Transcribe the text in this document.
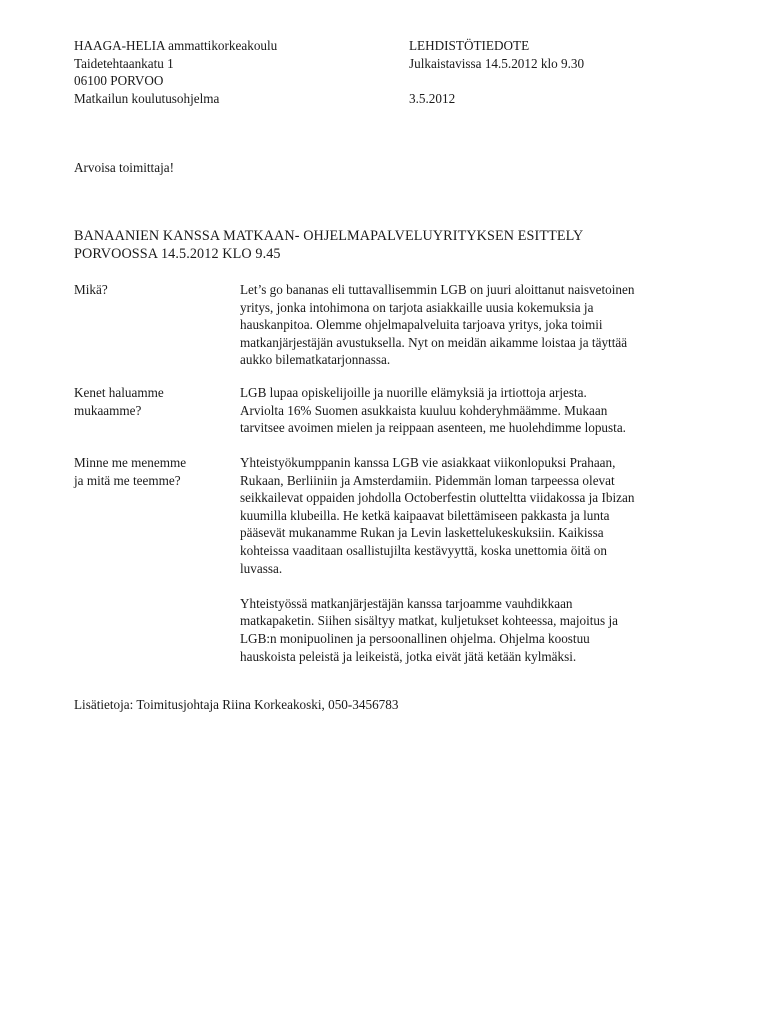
HAAGA-HELIA ammattikorkeakoulu
Taidetehtaankatu 1
06100 PORVOO
Matkailun koulutusohjelma
LEHDISTÖTIEDOTE
Julkaistavissa 14.5.2012 klo 9.30
3.5.2012
Arvoisa toimittaja!
BANAANIEN KANSSA MATKAAN- OHJELMAPALVELUYRITYKSEN ESITTELY
PORVOOSSA 14.5.2012 KLO 9.45
Mikä?	Let’s go bananas eli tuttavallisemmin LGB on juuri aloittanut naisvetoinen
yritys, jonka intohimona on tarjota asiakkaille uusia kokemuksia ja
hauskanpitoa. Olemme ohjelmapalveluita tarjoava yritys, joka toimii
matkanjärjestäjän avustuksella. Nyt on meidän aikamme loistaa ja täyttää
aukko bilematkatarjonnassa.

Kenet haluamme
mukaamme?

LGB lupaa opiskelijoille ja nuorille elämyksiä ja irtiottoja arjesta.
Arviolta 16% Suomen asukkaista kuuluu kohderyhmäämme. Mukaan
tarvitsee avoimen mielen ja reippaan asenteen, me huolehdimme lopusta.

Minne me menemme
ja mitä me teemme?

Yhteistyökumppanin kanssa LGB vie asiakkaat viikonlopuksi Prahaan,
Rukaan, Berliiniin ja Amsterdamiin. Pidemmän loman tarpeessa olevat
seikkailevat oppaiden johdolla Octoberfestin olutteltta viidakossa ja Ibizan
kuumilla klubeilla. He ketkä kaipaavat bilettämiseen pakkasta ja lunta
pääsevät mukanamme Rukan ja Levin laskettelukeskuksiin. Kaikissa
kohteissa vaaditaan osallistujilta kestävyyttä, koska unettomia öitä on
luvassa.

Yhteistyössä matkanjärjestäjän kanssa tarjoamme vauhdikkaan
matkapaketin. Siihen sisältyy matkat, kuljetukset kohteessa, majoitus ja
LGB:n monipuolinen ja persoonallinen ohjelma. Ohjelma koostuu
hauskoista peleistä ja leikeistä, jotka eivät jätä ketään kylmäksi.

Lisätietoja: Toimitusjohtaja Riina Korkeakoski, 050-3456783
